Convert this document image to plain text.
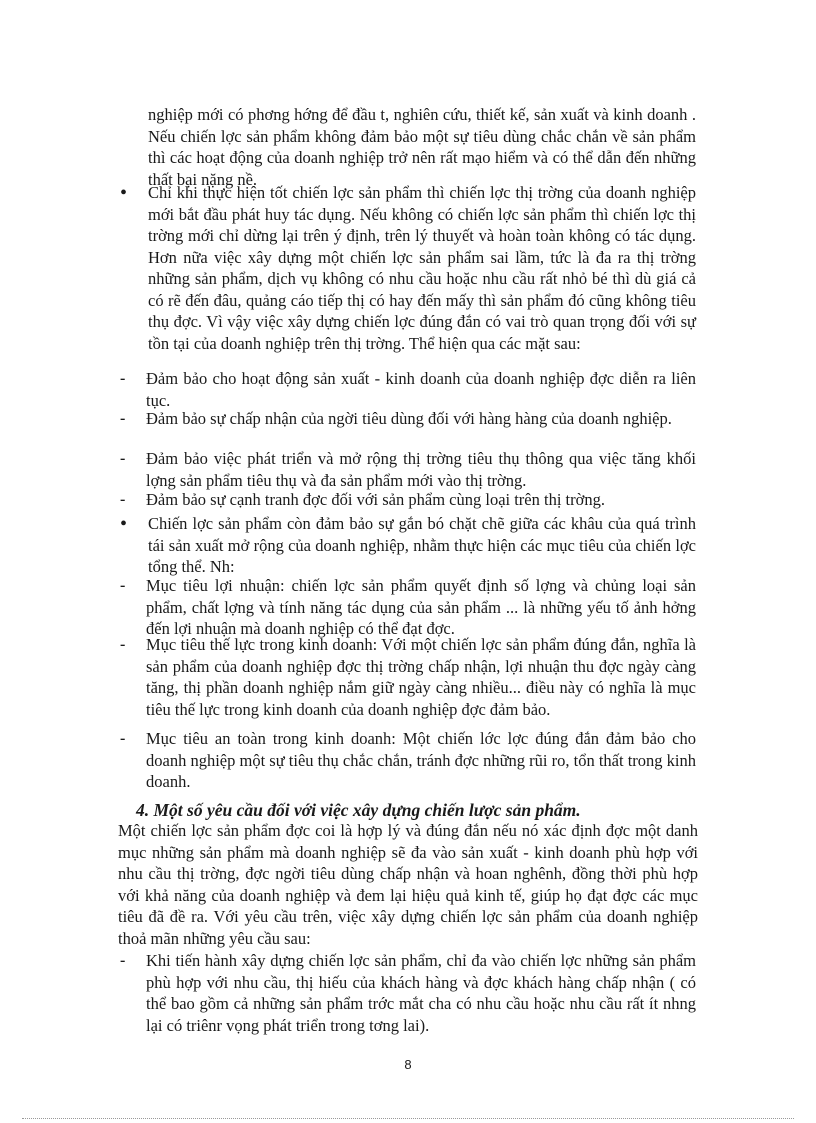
nghiệp mới có phơng hớng để đầu t, nghiên cứu, thiết kế, sản xuất và kinh doanh . Nếu chiến lợc sản phẩm không đảm bảo một sự tiêu dùng chắc chắn về sản phẩm thì các hoạt động của doanh nghiệp trở nên rất mạo hiểm và có thể dẫn đến những thất bại nặng nề.

• Chỉ khi thực hiện tốt chiến lợc sản phẩm thì chiến lợc thị trờng của doanh nghiệp mới bắt đầu phát huy tác dụng. Nếu không có chiến lợc sản phẩm thì chiến lợc thị trờng mới chỉ dừng lại trên ý định, trên lý thuyết và hoàn toàn không có tác dụng. Hơn nữa việc xây dựng một chiến lợc sản phẩm sai lầm, tức là đa ra thị trờng những sản phẩm, dịch vụ không có nhu cầu hoặc nhu cầu rất nhỏ bé thì dù giá cả có rẽ đến đâu, quảng cáo tiếp thị có hay đến mấy thì sản phẩm đó cũng không tiêu thụ đợc. Vì vậy việc xây dựng chiến lợc đúng đắn có vai trò quan trọng đối với sự tồn tại của doanh nghiệp trên thị trờng. Thể hiện qua các mặt sau:

- Đảm bảo cho hoạt động sản xuất - kinh doanh của doanh nghiệp đợc diễn ra liên tục.

- Đảm bảo sự chấp nhận của ngời tiêu dùng đối với hàng hàng của doanh nghiệp.

- Đảm bảo việc phát triển và mở rộng thị trờng tiêu thụ thông qua việc tăng khối lợng sản phẩm tiêu thụ và đa sản phẩm mới vào thị trờng.

- Đảm bảo sự cạnh tranh đợc đối với sản phẩm cùng loại trên thị trờng.

• Chiến lợc sản phẩm còn đảm bảo sự gắn bó chặt chẽ giữa các khâu của quá trình tái sản xuất mở rộng của doanh nghiệp, nhằm thực hiện các mục tiêu của chiến lợc tổng thể. Nh:

- Mục tiêu lợi nhuận: chiến lợc sản phẩm quyết định số lợng và chủng loại sản phẩm, chất lợng và tính năng tác dụng của sản phẩm ... là những yếu tố ảnh hởng đến lợi nhuận mà doanh nghiệp có thể đạt đợc.

- Mục tiêu thế lực trong kinh doanh: Với một chiến lợc sản phẩm đúng đắn, nghĩa là sản phẩm của doanh nghiệp đợc thị trờng chấp nhận, lợi nhuận thu đợc ngày càng tăng, thị phần doanh nghiệp nắm giữ ngày càng nhiều... điều này có nghĩa là mục tiêu thế lực trong kinh doanh của doanh nghiệp đợc đảm bảo.

- Mục tiêu an toàn trong kinh doanh: Một chiến lớc lợc đúng đắn đảm bảo cho doanh nghiệp một sự tiêu thụ chắc chắn, tránh đợc những rũi ro, tổn thất trong kinh doanh.

4. Một số yêu cầu đối với việc xây dựng chiến lược sản phẩm.

Một chiến lợc sản phẩm đợc coi là hợp lý và đúng đắn nếu nó xác định đợc một danh mục những sản phẩm mà doanh nghiệp sẽ đa vào sản xuất - kinh doanh phù hợp với nhu cầu thị trờng, đợc ngời tiêu dùng chấp nhận và hoan nghênh, đồng thời phù hợp với khả năng của doanh nghiệp và đem lại hiệu quả kinh tế, giúp họ đạt đợc các mục tiêu đã đề ra. Với yêu cầu trên, việc xây dựng chiến lợc sản phẩm của doanh nghiệp thoả mãn những yêu cầu sau:

- Khi tiến hành xây dựng chiến lợc sản phẩm, chỉ đa vào chiến lợc những sản phẩm phù hợp với nhu cầu, thị hiếu của khách hàng và đợc khách hàng chấp nhận ( có thể bao gồm cả những sản phẩm trớc mắt cha có nhu cầu hoặc nhu cầu rất ít nhng lại có triênr vọng phát triển trong tơng lai).

8
